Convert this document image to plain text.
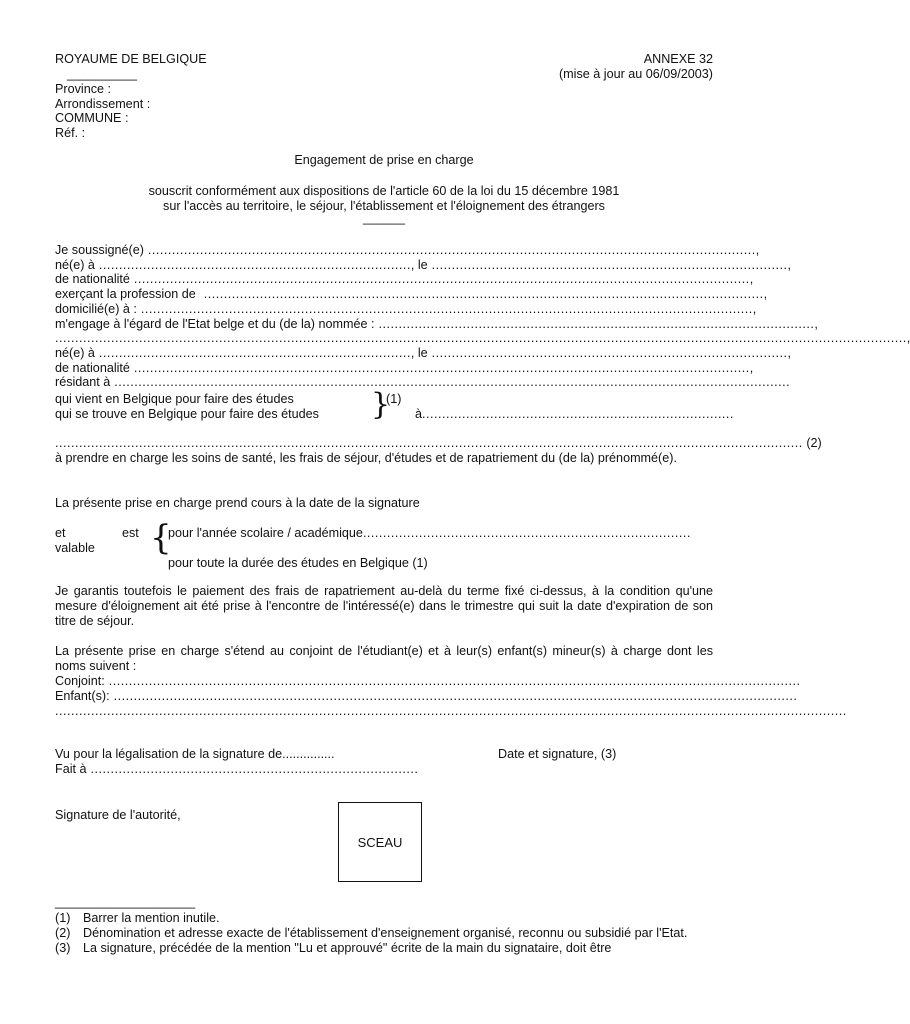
ROYAUME DE BELGIQUE	ANNEXE 32
__________	(mise à jour au 06/09/2003)
Province :
Arrondissement :
COMMUNE :
Réf. :
Engagement de prise en charge
souscrit conformément aux dispositions de l'article 60 de la loi du 15 décembre 1981
sur l'accès au territoire, le séjour, l'établissement et l'éloignement des étrangers
______
Je soussigné(e) ........................................................................................................................................................ ,
né(e) à .............................................................................. , le ......................................................................................... ,
de nationalité .......................................................................................................................................................... ,
exerçant la profession de ............................................................................................................................................ ,
domicilié(e) à : ......................................................................................................................................................... ,
m'engage à l'égard de l'Etat belge et du (de la) nommée : ............................................................................................................. ,
..................................................................................................................................................................................................................... ,
né(e) à .............................................................................. , le ......................................................................................... ,
de nationalité .......................................................................................................................................................... ,
résidant à .........................................................................................................................................................................
qui vient en Belgique pour faire des études
qui se trouve en Belgique pour faire des études	}
(1)
à ..............................................................................
...........................................................................................................................................................................................
(2)
à prendre en charge les soins de santé, les frais de séjour, d'études et de rapatriement du (de la) prénommé(e).
La présente prise en charge prend cours à la date de la signature
et	est
valable {
pour l'année scolaire / académique ..................................................................................
pour toute la durée des études en Belgique (1)
Je garantis toutefois le paiement des frais de rapatriement au-delà du terme fixé ci-dessus, à la condition qu'une mesure d'éloignement ait été prise à l'encontre de l'intéressé(e) dans le trimestre qui suit la date d'expiration de son titre de séjour.
La présente prise en charge s'étend au conjoint de l'étudiant(e) et à leur(s) enfant(s) mineur(s) à charge dont les noms suivent :
Conjoint: .............................................................................................................................................................................
Enfant(s): ...........................................................................................................................................................................
......................................................................................................................................................................................................
Vu pour la légalisation de la signature de...............	Date et signature, (3)
Fait à ..................................................................................
Signature de l'autorité,
SCEAU
____________________
(1) Barrer la mention inutile.
(2) Dénomination et adresse exacte de l'établissement d'enseignement organisé, reconnu ou subsidié par l'Etat.
(3) La signature, précédée de la mention "Lu et approuvé" écrite de la main du signataire, doit être
